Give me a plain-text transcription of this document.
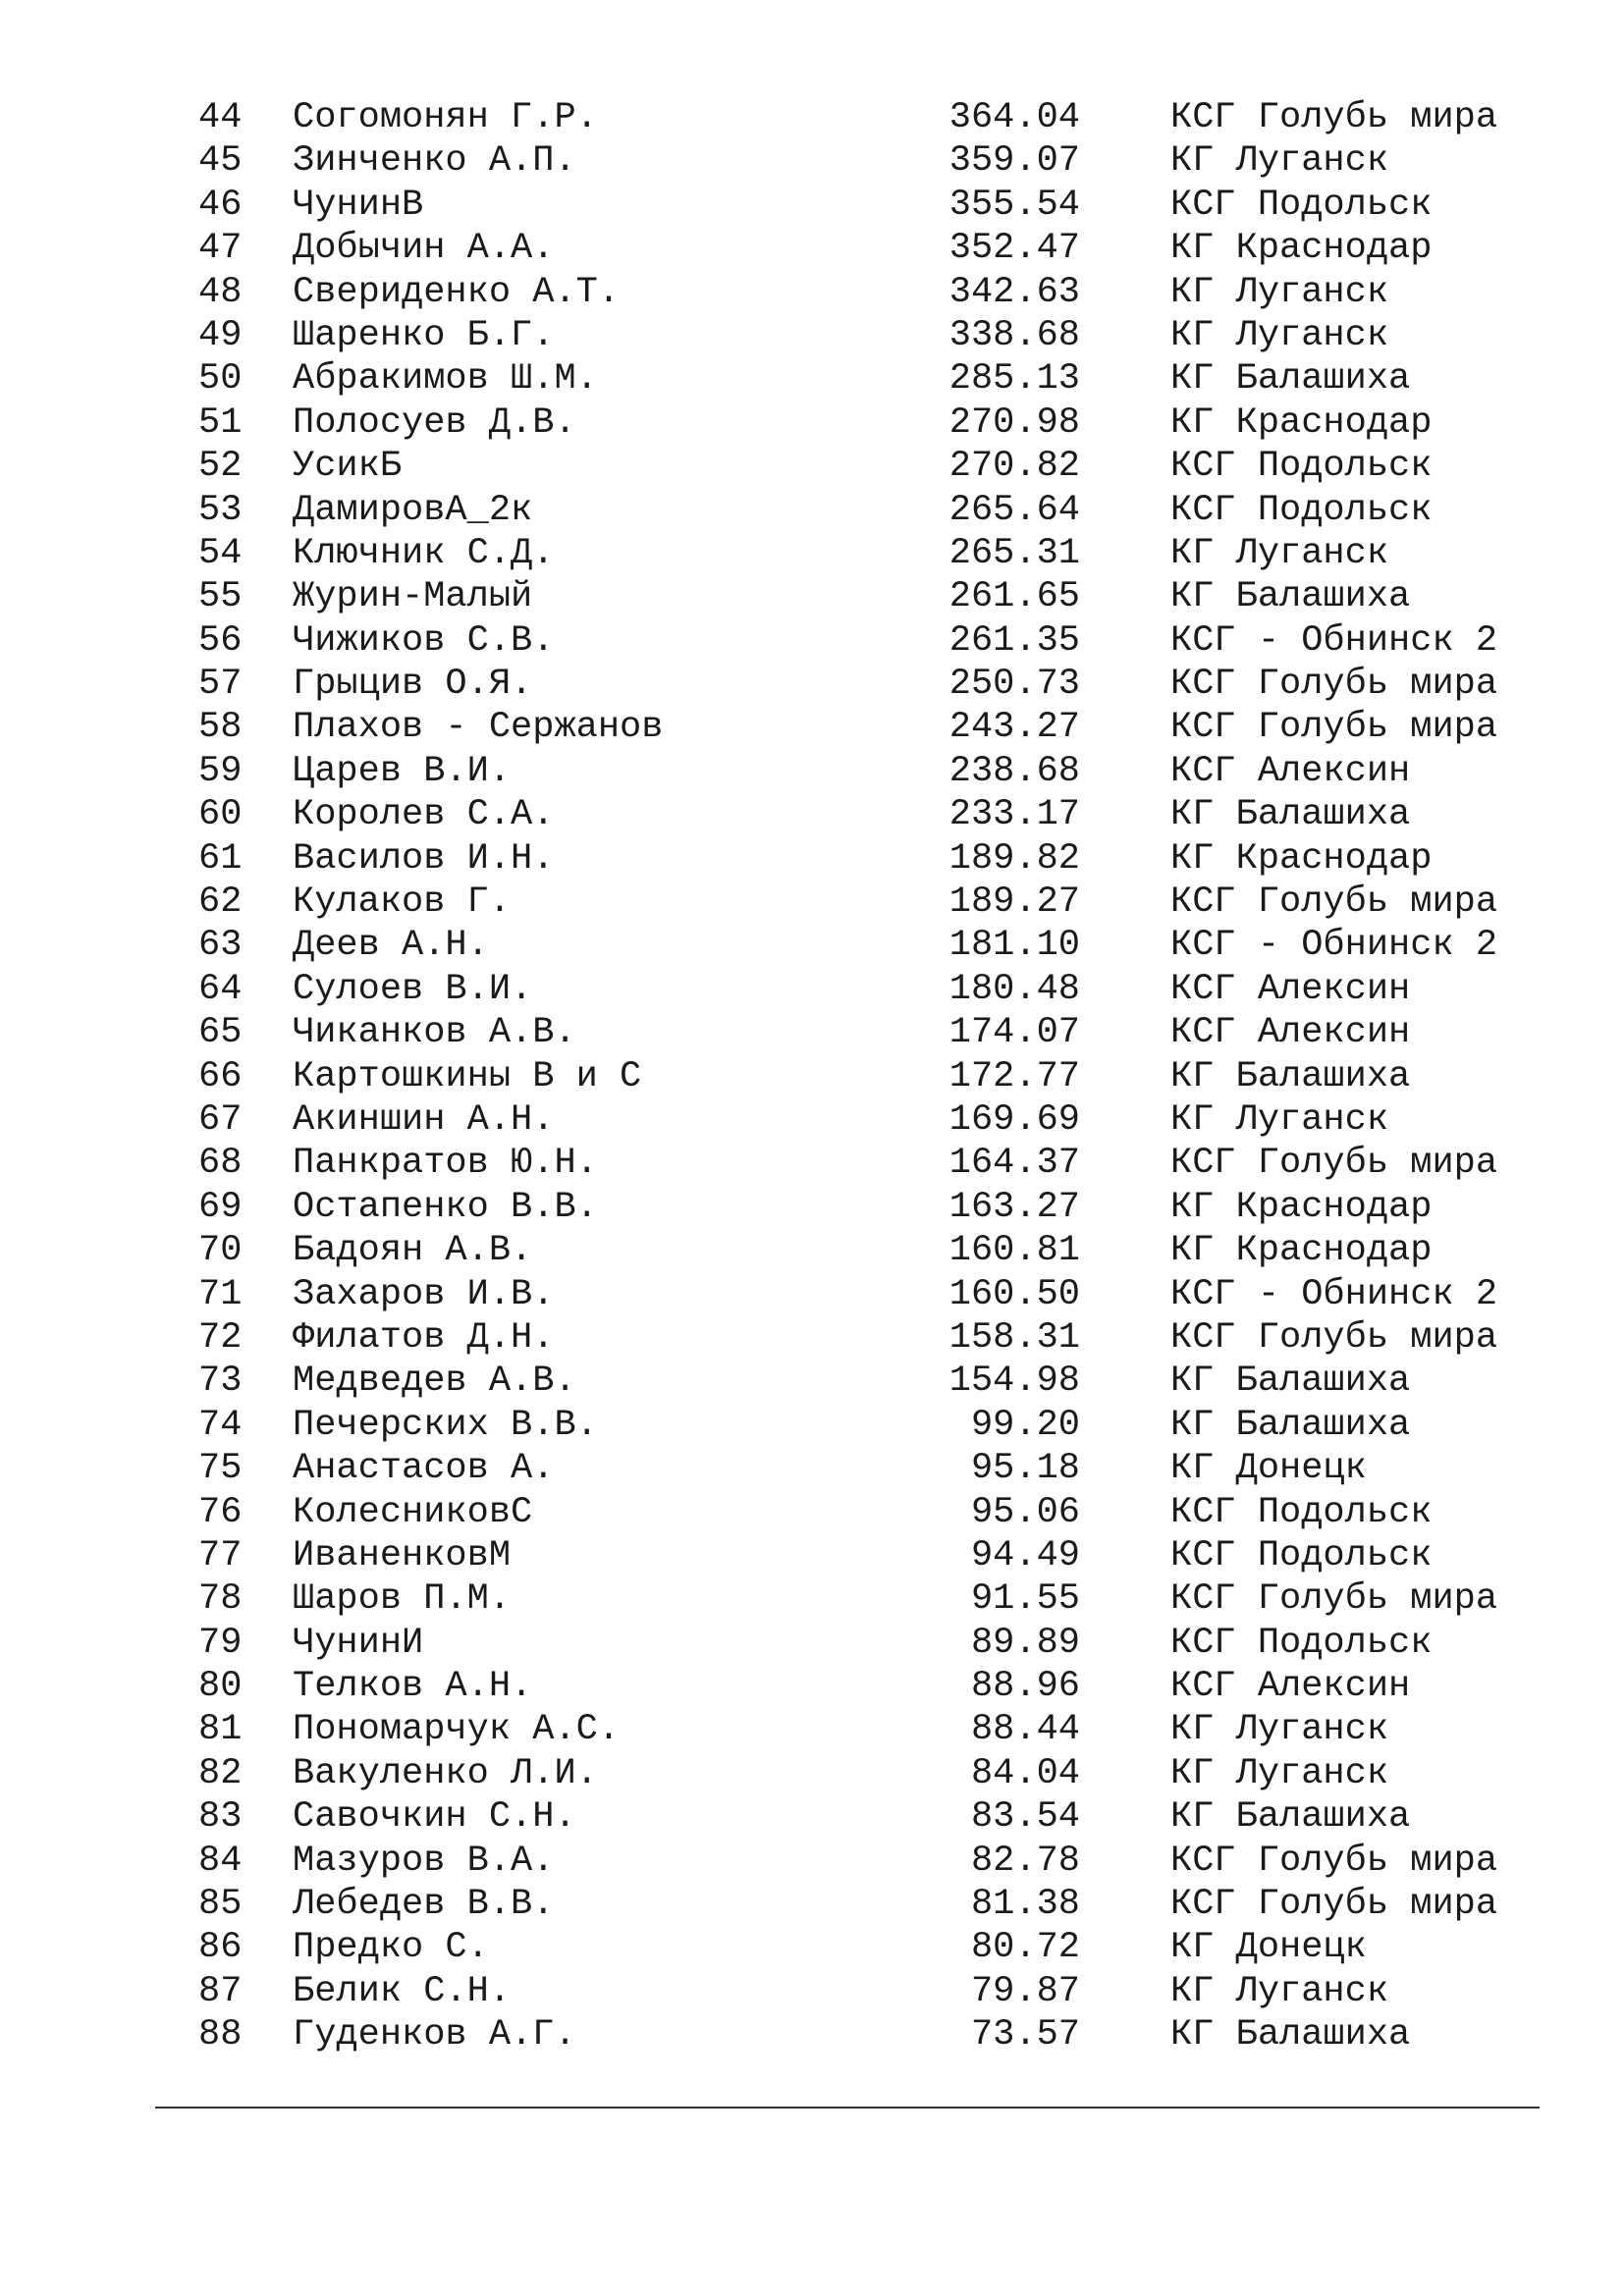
44	Согомонян Г.Р.	364.04 КСГ Голубь мира
45	Зинченко А.П.	359.07 КГ Луганск
46	ЧунинВ	355.54 КСГ Подольск
47	Добычин А.А.	352.47 КГ Краснодар
48	Свериденко А.Т.	342.63 КГ Луганск
49	Шаренко Б.Г.	338.68 КГ Луганск
50	Абракимов Ш.М.	285.13 КГ Балашиха
51	Полосуев Д.В.	270.98 КГ Краснодар
52	УсикБ	270.82 КСГ Подольск
53	ДамировА_2к	265.64 КСГ Подольск
54	Ключник С.Д.	265.31 КГ Луганск
55	Журин-Малый	261.65 КГ Балашиха
56	Чижиков С.В.	261.35 КСГ - Обнинск 2
57	Грыцив О.Я.	250.73 КСГ Голубь мира
58	Плахов - Сержанов	243.27 КСГ Голубь мира
59	Царев В.И.	238.68 КСГ Алексин
60	Королев С.А.	233.17 КГ Балашиха
61	Василов И.Н.	189.82 КГ Краснодар
62	Кулаков Г.	189.27 КСГ Голубь мира
63	Деев А.Н.	181.10 КСГ - Обнинск 2
64	Сулоев В.И.	180.48 КСГ Алексин
65	Чиканков А.В.	174.07 КСГ Алексин
66	Картошкины В и С	172.77 КГ Балашиха
67	Акиншин А.Н.	169.69 КГ Луганск
68	Панкратов Ю.Н.	164.37 КСГ Голубь мира
69	Остапенко В.В.	163.27 КГ Краснодар
70	Бадоян А.В.	160.81 КГ Краснодар
71	Захаров И.В.	160.50 КСГ - Обнинск 2
72	Филатов Д.Н.	158.31 КСГ Голубь мира
73	Медведев А.В.	154.98 КГ Балашиха
74	Печерских В.В.	99.20 КГ Балашиха
75	Анастасов А.	95.18 КГ Донецк
76	КолесниковС	95.06 КСГ Подольск
77	ИваненковМ	94.49 КСГ Подольск
78	Шаров П.М.	91.55 КСГ Голубь мира
79	ЧунинИ	89.89 КСГ Подольск
80	Телков А.Н.	88.96 КСГ Алексин
81	Пономарчук А.С.	88.44 КГ Луганск
82	Вакуленко Л.И.	84.04 КГ Луганск
83	Савочкин С.Н.	83.54 КГ Балашиха
84	Мазуров В.А.	82.78 КСГ Голубь мира
85	Лебедев В.В.	81.38 КСГ Голубь мира
86	Предко С.	80.72 КГ Донецк
87	Белик С.Н.	79.87 КГ Луганск
88	Гуденков А.Г.	73.57 КГ Балашиха
